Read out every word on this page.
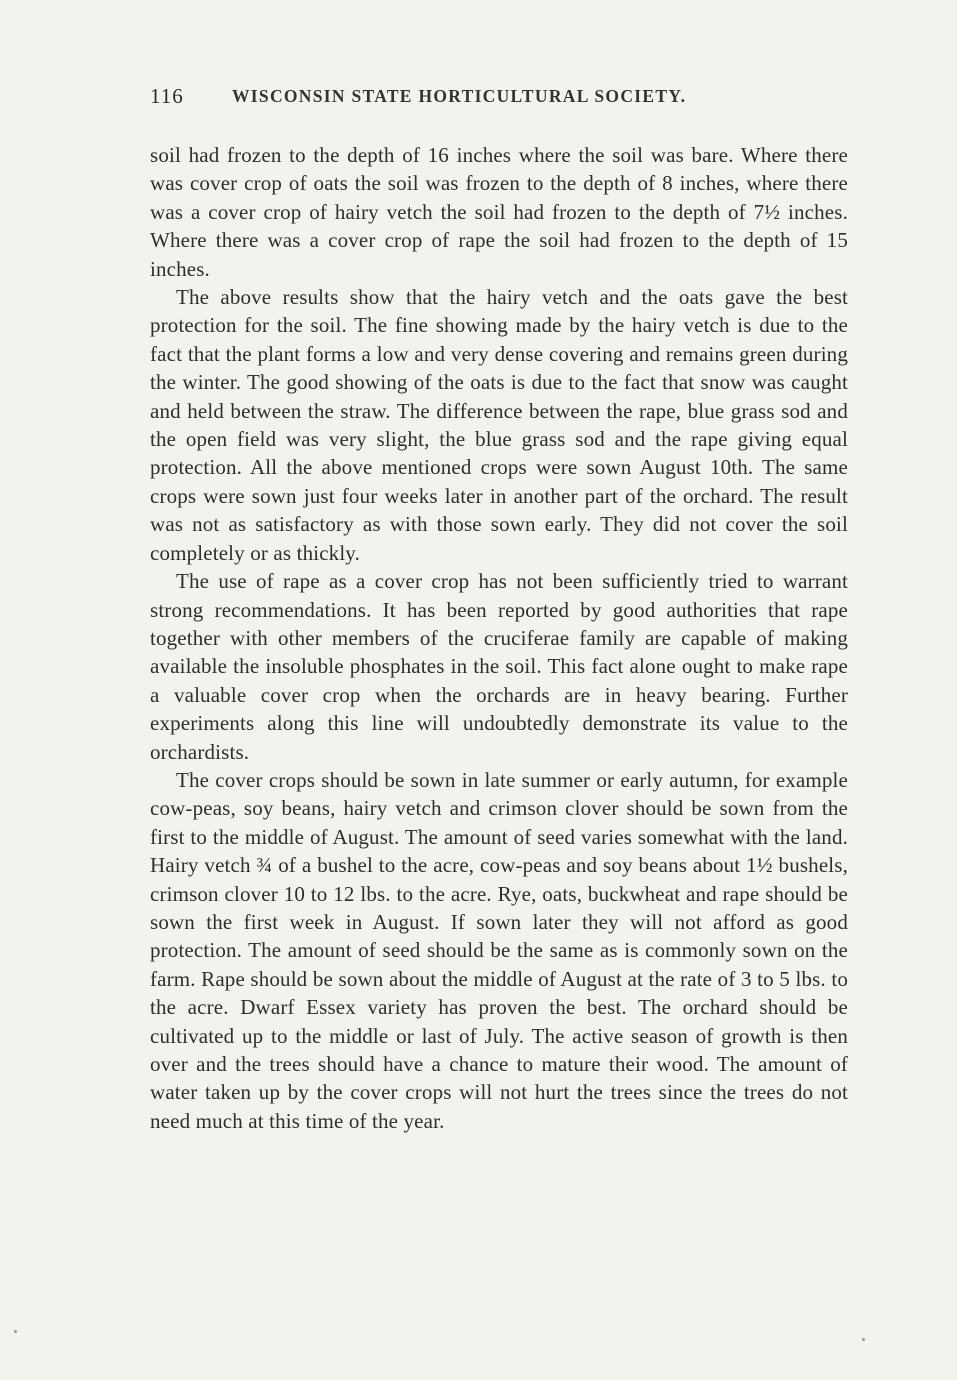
116	WISCONSIN STATE HORTICULTURAL SOCIETY.

soil had frozen to the depth of 16 inches where the soil was bare. Where there was cover crop of oats the soil was frozen to the depth of 8 inches, where there was a cover crop of hairy vetch the soil had frozen to the depth of 7½ inches. Where there was a cover crop of rape the soil had frozen to the depth of 15 inches.

The above results show that the hairy vetch and the oats gave the best protection for the soil. The fine showing made by the hairy vetch is due to the fact that the plant forms a low and very dense covering and remains green during the winter. The good showing of the oats is due to the fact that snow was caught and held between the straw. The difference between the rape, blue grass sod and the open field was very slight, the blue grass sod and the rape giving equal protection. All the above mentioned crops were sown August 10th. The same crops were sown just four weeks later in another part of the orchard. The result was not as satisfactory as with those sown early. They did not cover the soil completely or as thickly.

The use of rape as a cover crop has not been sufficiently tried to warrant strong recommendations. It has been reported by good authorities that rape together with other members of the cruciferae family are capable of making available the insoluble phosphates in the soil. This fact alone ought to make rape a valuable cover crop when the orchards are in heavy bearing. Further experiments along this line will undoubtedly demonstrate its value to the orchardists.

The cover crops should be sown in late summer or early autumn, for example cow-peas, soy beans, hairy vetch and crimson clover should be sown from the first to the middle of August. The amount of seed varies somewhat with the land. Hairy vetch ¾ of a bushel to the acre, cow-peas and soy beans about 1½ bushels, crimson clover 10 to 12 lbs. to the acre. Rye, oats, buckwheat and rape should be sown the first week in August. If sown later they will not afford as good protection. The amount of seed should be the same as is commonly sown on the farm. Rape should be sown about the middle of August at the rate of 3 to 5 lbs. to the acre. Dwarf Essex variety has proven the best. The orchard should be cultivated up to the middle or last of July. The active season of growth is then over and the trees should have a chance to mature their wood. The amount of water taken up by the cover crops will not hurt the trees since the trees do not need much at this time of the year.
